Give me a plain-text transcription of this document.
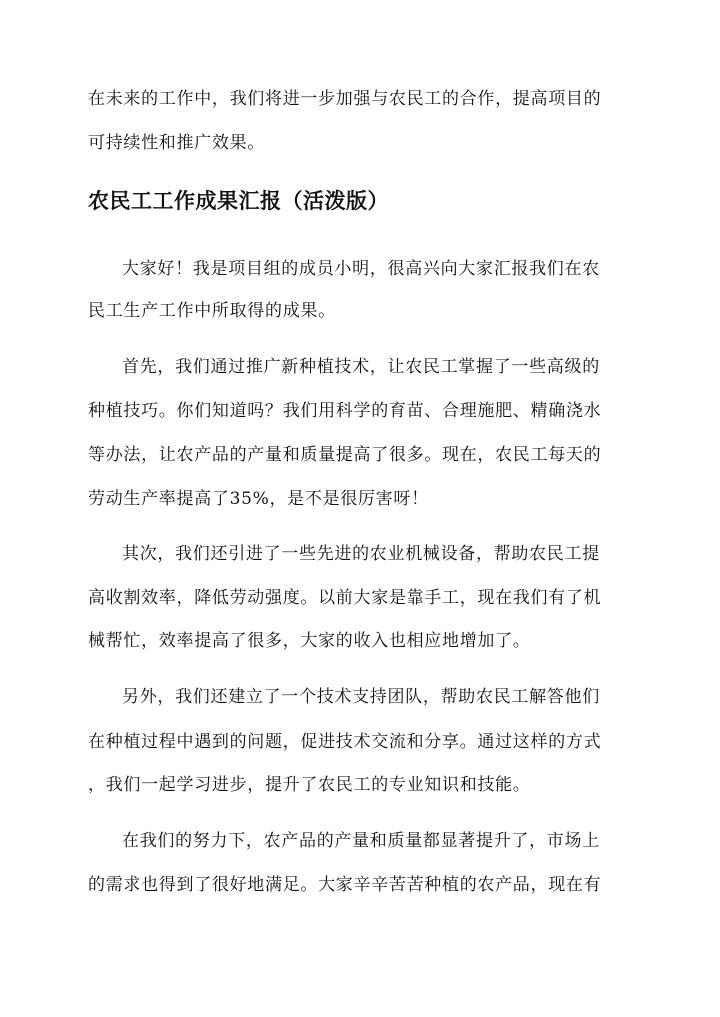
在未来的工作中，我们将进一步加强与农民工的合作，提高项目的
可持续性和推广效果。
农民工工作成果汇报（活泼版）
大家好！我是项目组的成员小明，很高兴向大家汇报我们在农
民工生产工作中所取得的成果。
首先，我们通过推广新种植技术，让农民工掌握了一些高级的
种植技巧。你们知道吗？我们用科学的育苗、合理施肥、精确浇水
等办法，让农产品的产量和质量提高了很多。现在，农民工每天的
劳动生产率提高了35%，是不是很厉害呀！
其次，我们还引进了一些先进的农业机械设备，帮助农民工提
高收割效率，降低劳动强度。以前大家是靠手工，现在我们有了机
械帮忙，效率提高了很多，大家的收入也相应地增加了。
另外，我们还建立了一个技术支持团队，帮助农民工解答他们
在种植过程中遇到的问题，促进技术交流和分享。通过这样的方式
，我们一起学习进步，提升了农民工的专业知识和技能。
在我们的努力下，农产品的产量和质量都显著提升了，市场上
的需求也得到了很好地满足。大家辛辛苦苦种植的农产品，现在有
